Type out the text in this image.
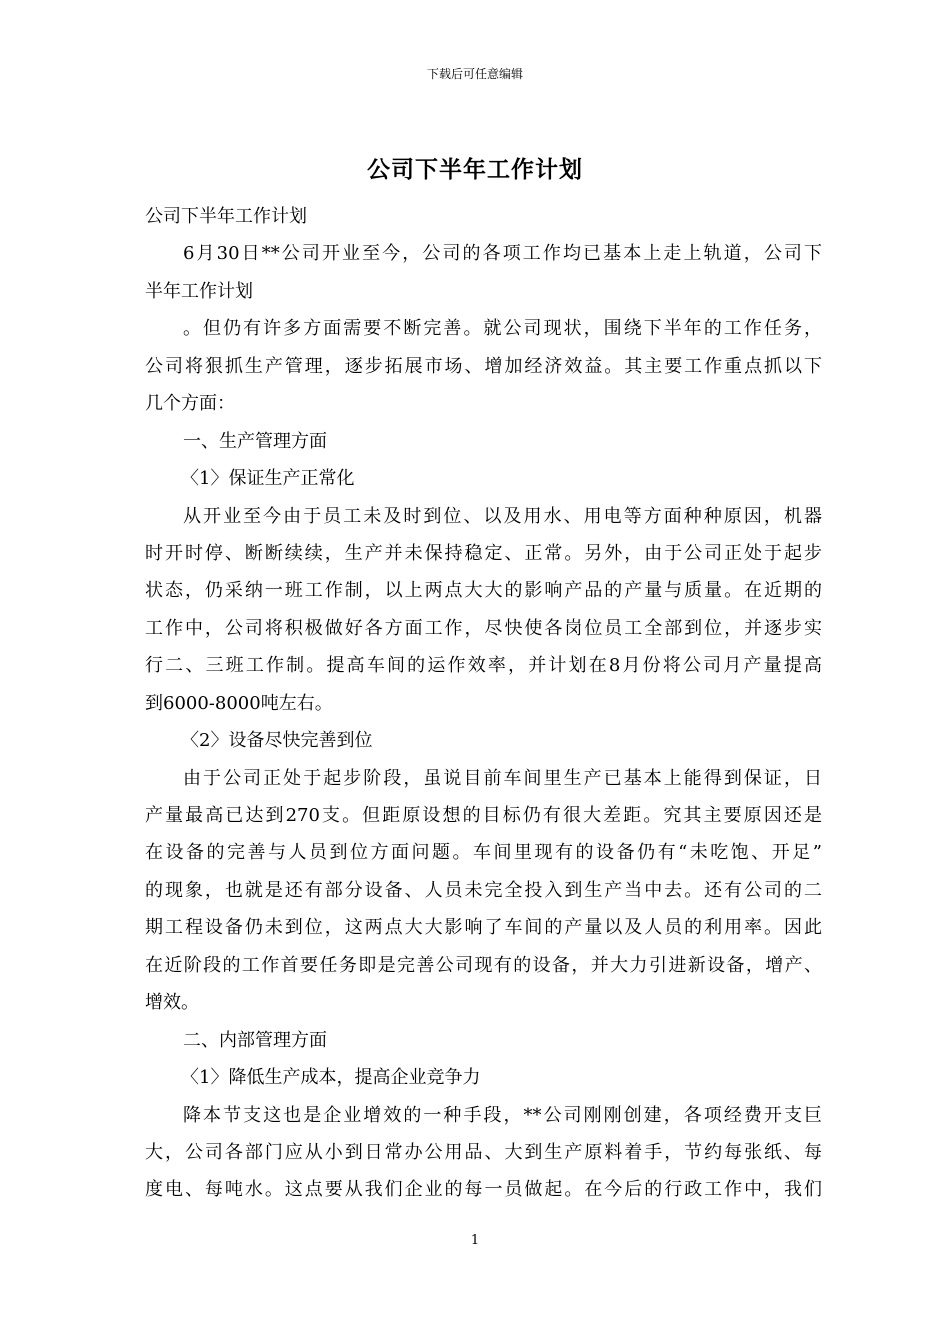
下载后可任意编辑
公司下半年工作计划
公司下半年工作计划
6月30日**公司开业至今，公司的各项工作均已基本上走上轨道，公司下
半年工作计划
。但仍有许多方面需要不断完善。就公司现状，围绕下半年的工作任务，
公司将狠抓生产管理，逐步拓展市场、增加经济效益。其主要工作重点抓以下
几个方面：
一、生产管理方面
〈1〉保证生产正常化
从开业至今由于员工未及时到位、以及用水、用电等方面种种原因，机器
时开时停、断断续续，生产并未保持稳定、正常。另外，由于公司正处于起步
状态，仍采纳一班工作制，以上两点大大的影响产品的产量与质量。在近期的
工作中，公司将积极做好各方面工作，尽快使各岗位员工全部到位，并逐步实
行二、三班工作制。提高车间的运作效率，并计划在8月份将公司月产量提高
到6000-8000吨左右。
〈2〉设备尽快完善到位
由于公司正处于起步阶段，虽说目前车间里生产已基本上能得到保证，日
产量最高已达到270支。但距原设想的目标仍有很大差距。究其主要原因还是
在设备的完善与人员到位方面问题。车间里现有的设备仍有“未吃饱、开足”
的现象，也就是还有部分设备、人员未完全投入到生产当中去。还有公司的二
期工程设备仍未到位，这两点大大影响了车间的产量以及人员的利用率。因此
在近阶段的工作首要任务即是完善公司现有的设备，并大力引进新设备，增产、
增效。
二、内部管理方面
〈1〉降低生产成本，提高企业竞争力
降本节支这也是企业增效的一种手段，**公司刚刚创建，各项经费开支巨
大，公司各部门应从小到日常办公用品、大到生产原料着手，节约每张纸、每
度电、每吨水。这点要从我们企业的每一员做起。在今后的行政工作中，我们
1
